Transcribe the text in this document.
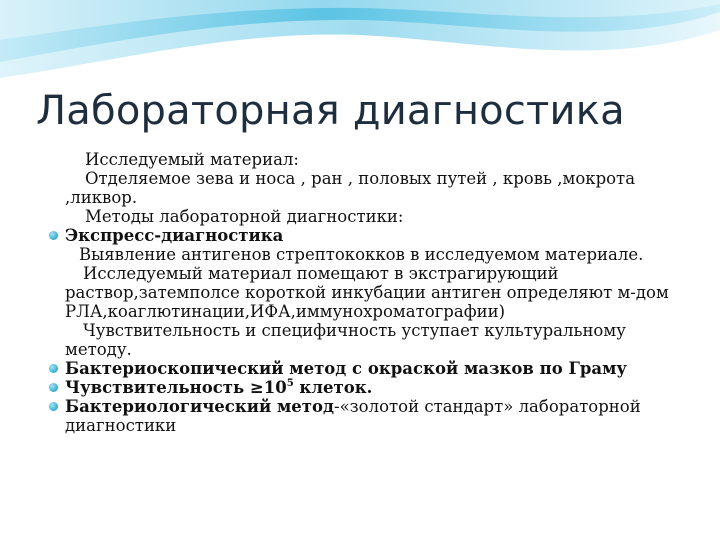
Лабораторная диагностика
Исследуемый материал:
Отделяемое зева и носа , ран , половых путей , кровь ,мокрота ,ликвор.
Методы лабораторной диагностики:
Экспресс-диагностика
Выявление антигенов стрептококков в исследуемом материале.
Исследуемый материал помещают в экстрагирующий раствор,затемполсе короткой инкубации антиген определяют м-дом РЛА,коаглютинации,ИФА,иммунохроматографии)
Чувствительность и специфичность уступает культуральному методу.
Бактериоскопический метод с окраской мазков по Граму
Чувствительность $\ge 10^5$ клеток.
Бактериологический метод-«золотой стандарт» лабораторной диагностики
